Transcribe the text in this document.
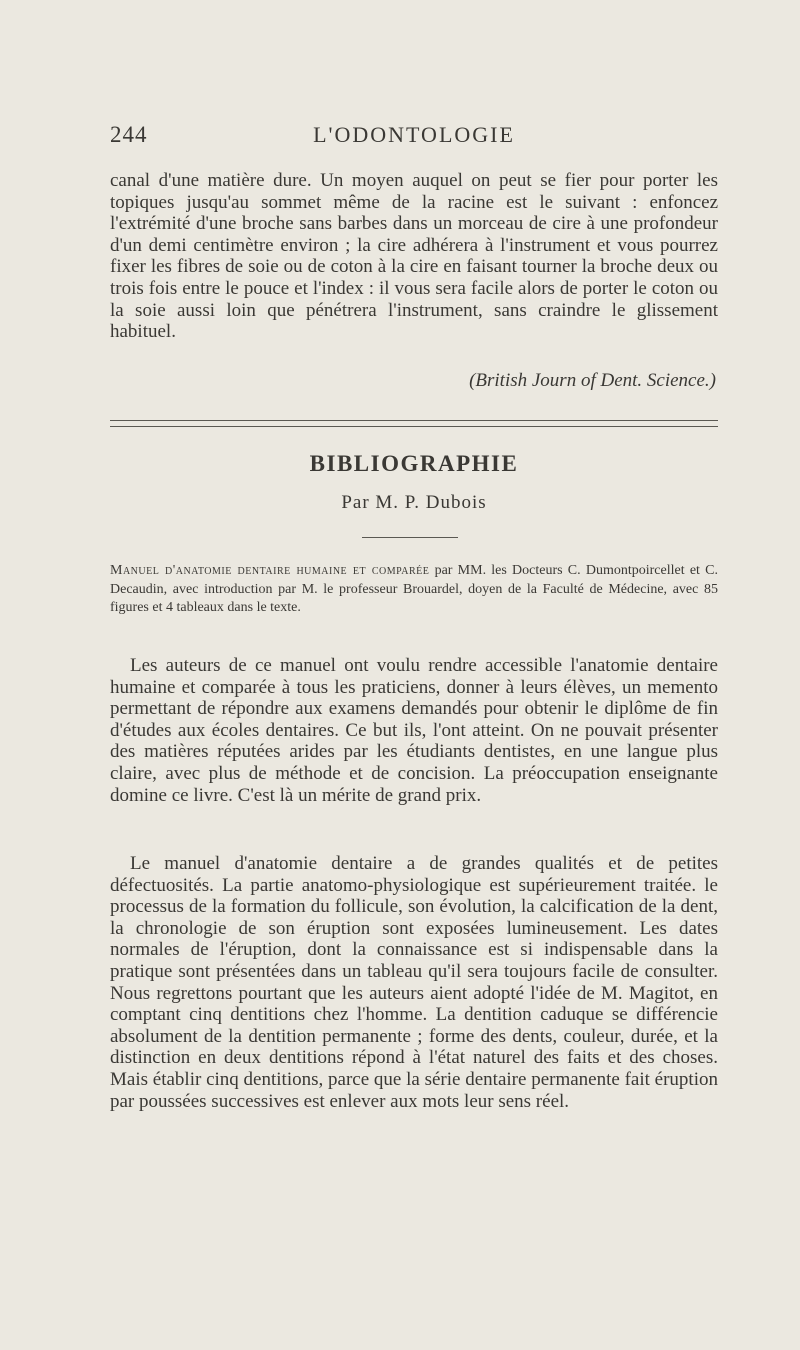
244	L'ODONTOLOGIE

canal d'une matière dure. Un moyen auquel on peut se fier pour porter les topiques jusqu'au sommet même de la racine est le suivant : enfoncez l'extrémité d'une broche sans barbes dans un morceau de cire à une profondeur d'un demi centimètre environ ; la cire adhérera à l'instrument et vous pourrez fixer les fibres de soie ou de coton à la cire en faisant tourner la broche deux ou trois fois entre le pouce et l'index : il vous sera facile alors de porter le coton ou la soie aussi loin que pénétrera l'instrument, sans craindre le glissement habituel.

(British Journ of Dent. Science.)
BIBLIOGRAPHIE
Par M. P. Dubois

Manuel d'anatomie dentaire humaine et comparée par MM. les Docteurs C. Dumontpoircellet et C. Decaudin, avec introduction par M. le professeur Brouardel, doyen de la Faculté de Médecine, avec 85 figures et 4 tableaux dans le texte.

Les auteurs de ce manuel ont voulu rendre accessible l'anatomie dentaire humaine et comparée à tous les praticiens, donner à leurs élèves, un memento permettant de répondre aux examens demandés pour obtenir le diplôme de fin d'études aux écoles dentaires. Ce but ils, l'ont atteint. On ne pouvait présenter des matières réputées arides par les étudiants dentistes, en une langue plus claire, avec plus de méthode et de concision. La préoccupation enseignante domine ce livre. C'est là un mérite de grand prix.

Le manuel d'anatomie dentaire a de grandes qualités et de petites défectuosités. La partie anatomo-physiologique est supérieurement traitée. le processus de la formation du follicule, son évolution, la calcification de la dent, la chronologie de son éruption sont exposées lumineusement. Les dates normales de l'éruption, dont la connaissance est si indispensable dans la pratique sont présentées dans un tableau qu'il sera toujours facile de consulter. Nous regrettons pourtant que les auteurs aient adopté l'idée de M. Magitot, en comptant cinq dentitions chez l'homme. La dentition caduque se différencie absolument de la dentition permanente ; forme des dents, couleur, durée, et la distinction en deux dentitions répond à l'état naturel des faits et des choses. Mais établir cinq dentitions, parce que la série dentaire permanente fait éruption par poussées successives est enlever aux mots leur sens réel.
